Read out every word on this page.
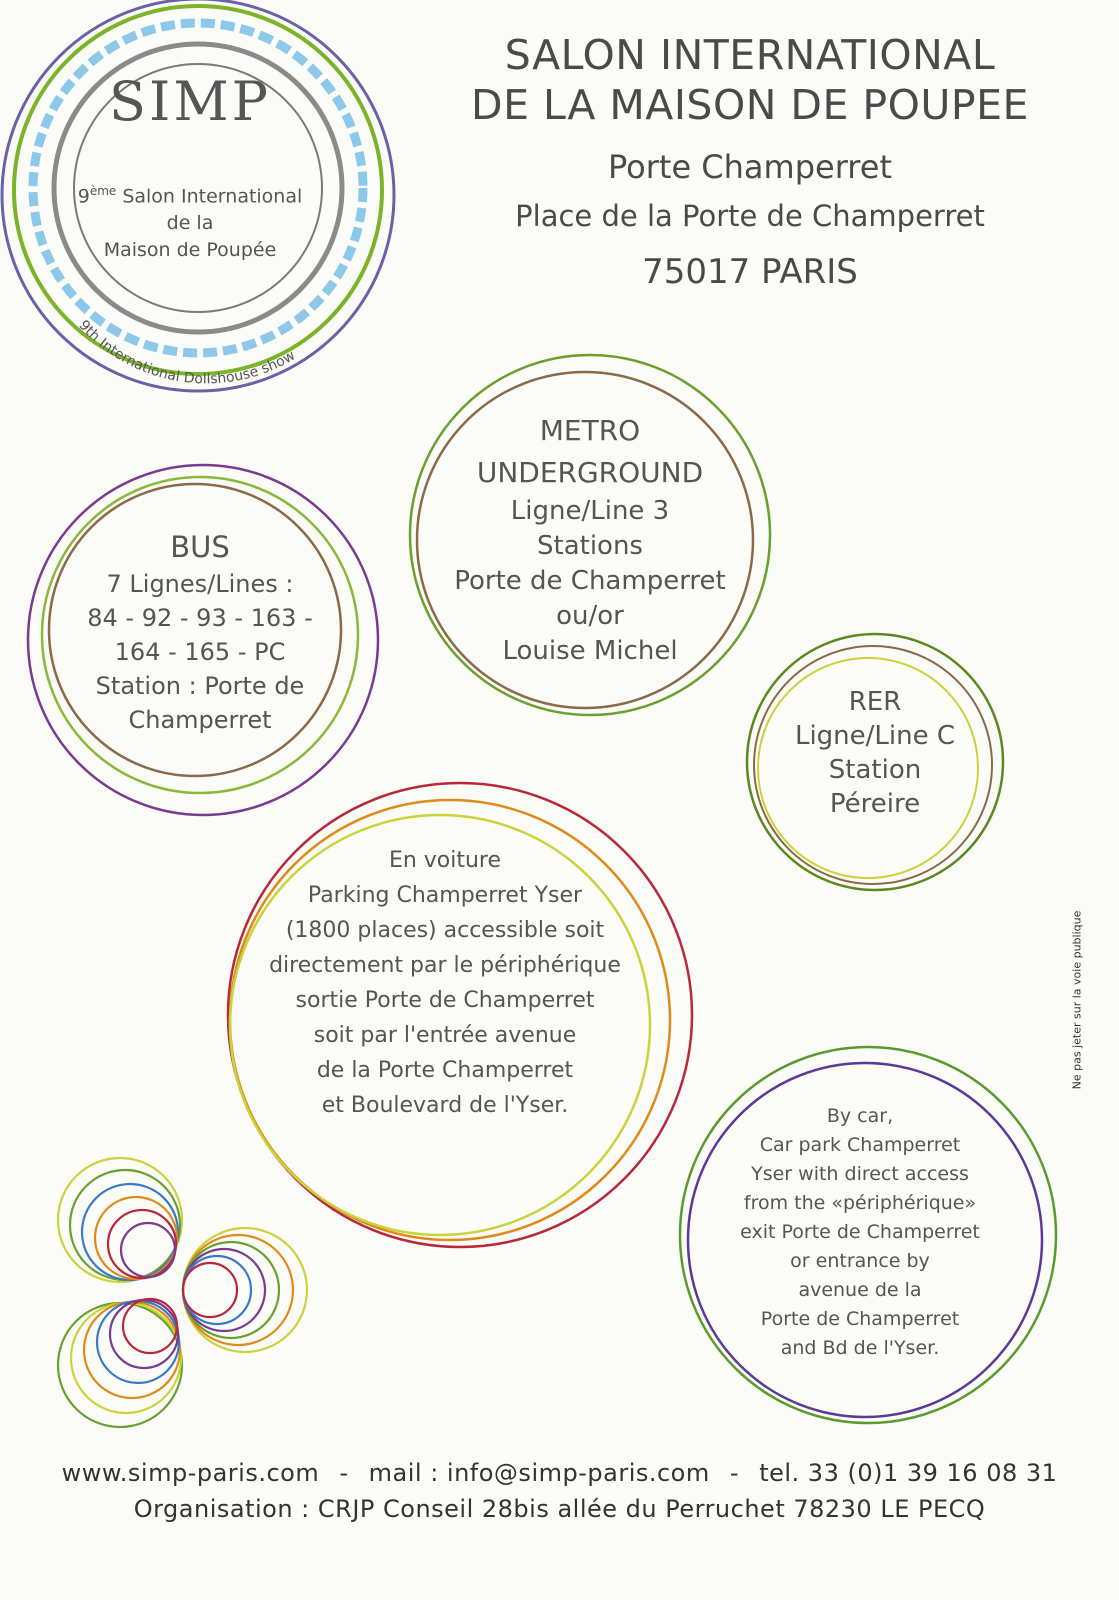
9th International Dollshouse show
SIMP
9ème Salon International
de la
Maison de Poupée
SALON INTERNATIONAL
DE LA MAISON DE POUPEE
Porte Champerret
Place de la Porte de Champerret
75017 PARIS
METRO
UNDERGROUND
Ligne/Line 3
Stations
Porte de Champerret
ou/or
Louise Michel
BUS
7 Lignes/Lines :
84 - 92 - 93 - 163 -
164 - 165 - PC
Station : Porte de
Champerret
RER
Ligne/Line C
Station
Péreire
En voiture
Parking Champerret Yser
(1800 places) accessible soit
directement par le périphérique
sortie Porte de Champerret
soit par l'entrée avenue
de la Porte Champerret
et Boulevard de l'Yser.	By car,
Car park Champerret
Yser with direct access
from the «périphérique»
exit Porte de Champerret
or entrance by
avenue de la
Porte de Champerret
and Bd de l'Yser.
Ne pas jeter sur la voie publique
www.simp-paris.com - mail : info@simp-paris.com - tel. 33 (0)1 39 16 08 31
Organisation : CRJP Conseil 28bis allée du Perruchet 78230 LE PECQ
